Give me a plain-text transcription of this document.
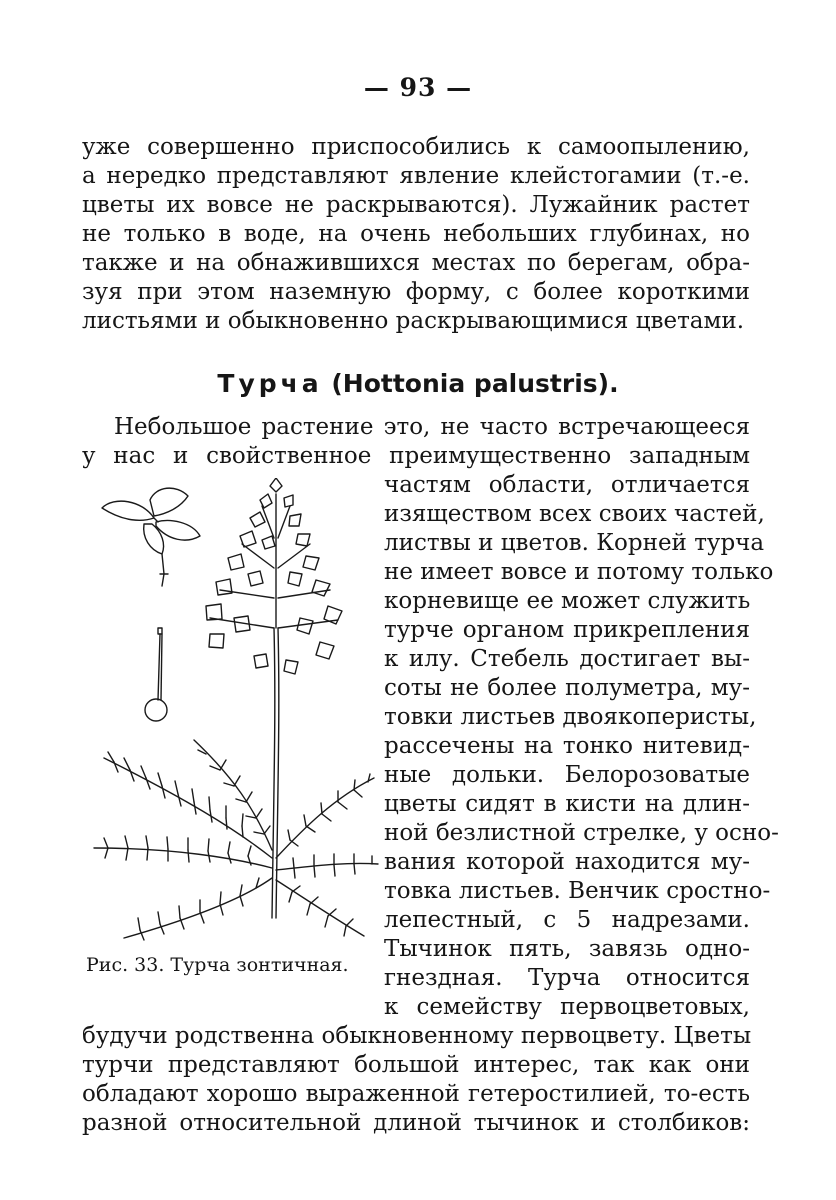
— 93 —

уже совершенно приспособились к самоопылению,

а нередко представляют явление клейстогамии (т.-е.

цветы их вовсе не раскрываются). Лужайник растет

не только в воде, на очень небольших глубинах, но

также и на обнажившихся местах по берегам, обра-

зуя при этом наземную форму, с более короткими

листьями и обыкновенно раскрывающимися цветами.

Турча (Hottonia palustris).

Небольшое растение это, не часто встречающееся

у нас и свойственное преимущественно западным

частям области, отличается

изяществом всех своих частей,

листвы и цветов. Корней турча

не имеет вовсе и потому только

корневище ее может служить

турче органом прикрепления

к илу. Стебель достигает вы-

соты не более полуметра, му-

товки листьев двоякоперисты,

рассечены на тонко нитевид-

ные дольки. Белорозоватые

цветы сидят в кисти на длин-

ной безлистной стрелке, у осно-

вания которой находится му-

товка листьев. Венчик сростно-

лепестный, с 5 надрезами.

Тычинок пять, завязь одно-

гнездная. Турча относится

к семейству первоцветовых,

будучи родственна обыкновенному первоцвету. Цветы

турчи представляют большой интерес, так как они

обладают хорошо выраженной гетеростилией, то-есть

разной относительной длиной тычинок и столбиков:

Рис. 33. Турча зонтичная.
